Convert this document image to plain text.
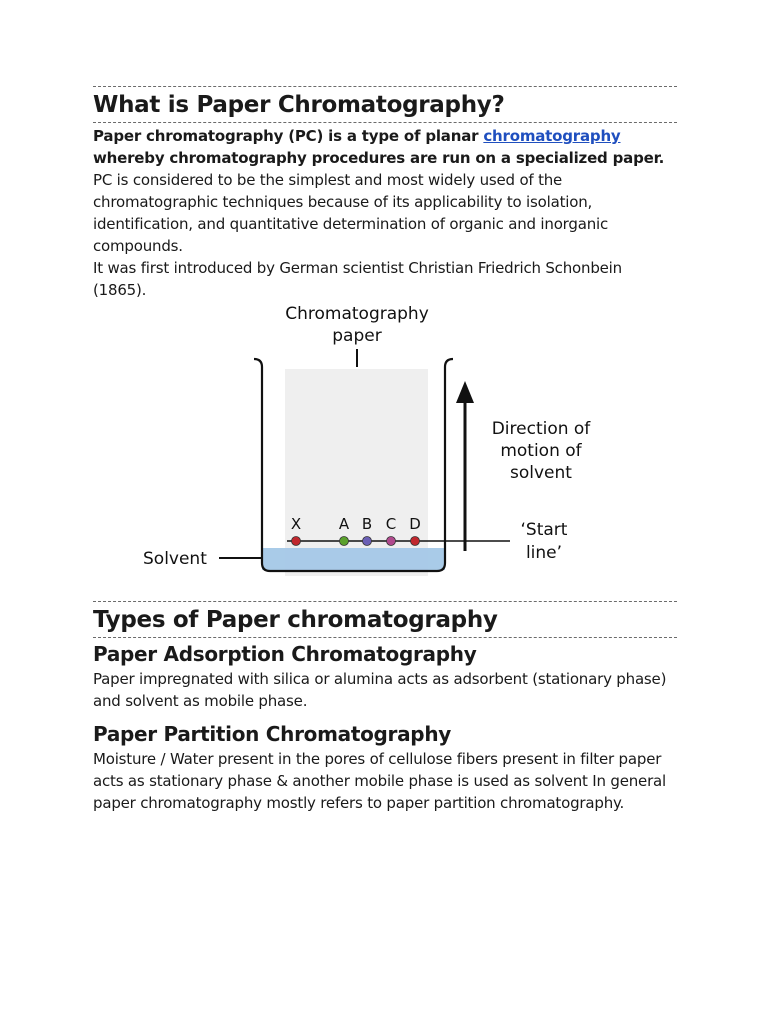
What is Paper Chromatography?

Paper chromatography (PC) is a type of planar chromatography whereby chromatography procedures are run on a specialized paper.

PC is considered to be the simplest and most widely used of the chromatographic techniques because of its applicability to isolation, identification, and quantitative determination of organic and inorganic compounds.

It was first introduced by German scientist Christian Friedrich Schonbein (1865).

Chromatography
paper
Direction of
motion of
solvent
‘Start
line’
Solvent
X	A B C D
Types of Paper chromatography
Paper Adsorption Chromatography

Paper impregnated with silica or alumina acts as adsorbent (stationary phase) and solvent as mobile phase.

Paper Partition Chromatography

Moisture / Water present in the pores of cellulose fibers present in filter paper acts as stationary phase & another mobile phase is used as solvent In general paper chromatography mostly refers to paper partition chromatography.
